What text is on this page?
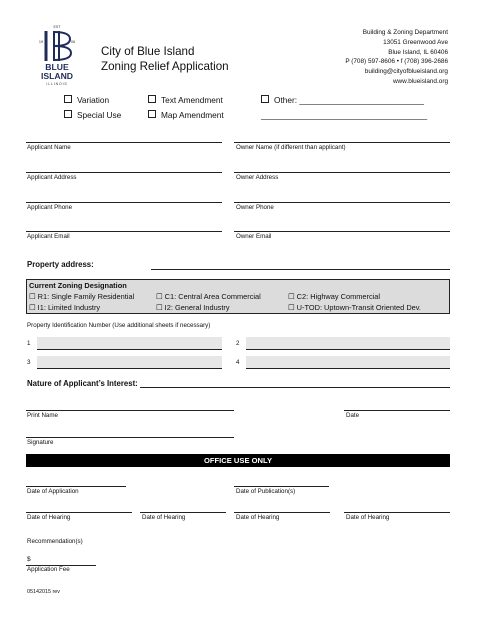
EST
19	06
BLUE
ISLAND
ILLINOIS
City of Blue Island
Zoning Relief Application
Building & Zoning Department
13051 Greenwood Ave
Blue Island, IL 60406
P (708) 597-8606 • f (708) 396-2686
building@cityofblueisland.org
www.blueisland.org
Variation	Text Amendment	Other: ___________________________
Special Use	Map Amendment	____________________________________
Applicant Name	Owner Name (if different than applicant)
Applicant Address	Owner Address
Applicant Phone	Owner Phone
Applicant Email	Owner Email
Property address:
Current Zoning Designation
☐ R1: Single Family Residential	☐ C1: Central Area Commercial	☐ C2: Highway Commercial
☐ I1: Limited Industry	☐ I2: General Industry	☐ U-TOD: Uptown-Transit Oriented Dev.
Property Identification Number (Use additional sheets if necessary)
1	2
3	4
Nature of Applicant’s Interest:
Print Name	Date
Signature
OFFICE USE ONLY
Date of Application	Date of Publication(s)
Date of Hearing	Date of Hearing	Date of Hearing	Date of Hearing
Recommendation(s)
$
Application Fee
05142015 rev
